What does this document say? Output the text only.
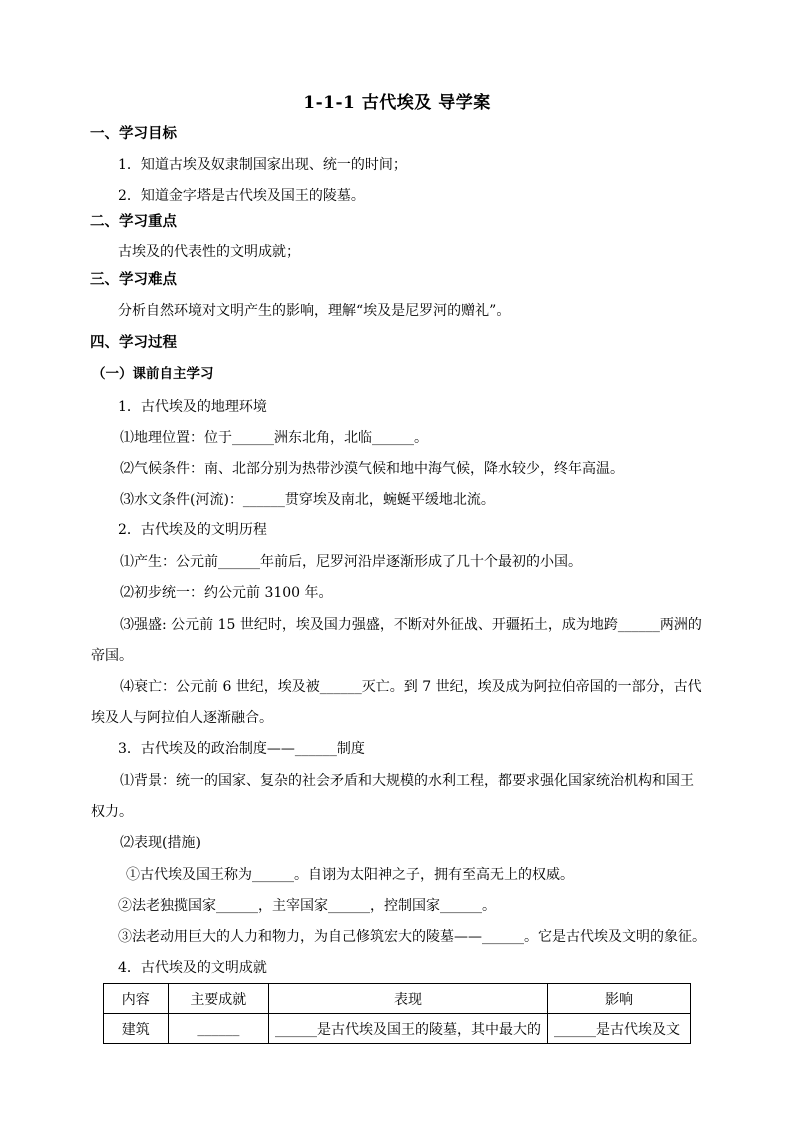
1-1-1 古代埃及 导学案
一、学习目标
1．知道古埃及奴隶制国家出现、统一的时间；
2．知道金字塔是古代埃及国王的陵墓。
二、学习重点
古埃及的代表性的文明成就；
三、学习难点
分析自然环境对文明产生的影响，理解“埃及是尼罗河的赠礼”。
四、学习过程
（一）课前自主学习
1．古代埃及的地理环境
⑴地理位置：位于______洲东北角，北临______。
⑵气候条件：南、北部分别为热带沙漠气候和地中海气候，降水较少，终年高温。
⑶水文条件(河流)：______贯穿埃及南北，蜿蜒平缓地北流。
2．古代埃及的文明历程
⑴产生：公元前______年前后，尼罗河沿岸逐渐形成了几十个最初的小国。
⑵初步统一：约公元前 3100 年。
⑶强盛: 公元前 15 世纪时，埃及国力强盛，不断对外征战、开疆拓土，成为地跨______两洲的
帝国。
⑷衰亡：公元前 6 世纪，埃及被______灭亡。到 7 世纪，埃及成为阿拉伯帝国的一部分，古代
埃及人与阿拉伯人逐渐融合。
3．古代埃及的政治制度——______制度
⑴背景：统一的国家、复杂的社会矛盾和大规模的水利工程，都要求强化国家统治机构和国王
权力。
⑵表现(措施)
①古代埃及国王称为______。自诩为太阳神之子，拥有至高无上的权威。
②法老独揽国家______，主宰国家______，控制国家______。
③法老动用巨大的人力和物力，为自己修筑宏大的陵墓——______。它是古代埃及文明的象征。
4．古代埃及的文明成就
内容	主要成就	表现	影响
建筑	______	______是古代埃及国王的陵墓，其中最大的	______是古代埃及文
